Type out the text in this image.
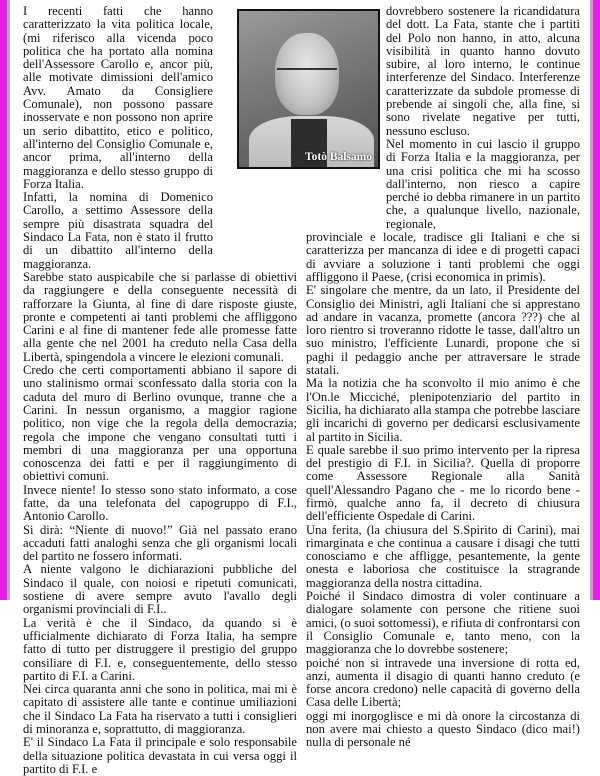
I recenti fatti che hanno caratterizzato la vita politica locale, (mi riferisco alla vicenda poco politica che ha portato alla nomina dell'Assessore Carollo e, ancor più, alle motivate dimissioni dell'amico Avv. Amato da Consigliere Comunale), non possono passare inosservate e non possono non aprire un serio dibattito, etico e politico, all'interno del Consiglio Comunale e, ancor prima, all'interno della maggioranza e dello stesso gruppo di Forza Italia.

Infatti, la nomina di Domenico Carollo, a settimo Assessore della sempre più disastrata squadra del Sindaco La Fata, non è stato il frutto di un dibattito all'interno della maggioranza.

Sarebbe stato auspicabile che si parlasse di obiettivi da raggiungere e della conseguente necessità di rafforzare la Giunta, al fine di dare risposte giuste, pronte e competenti ai tanti problemi che affliggono Carini e al fine di mantener fede alle promesse fatte alla gente che nel 2001 ha creduto nella Casa della Libertà, spingendola a vincere le elezioni comunali.

Credo che certi comportamenti abbiano il sapore di uno stalinismo ormai sconfessato dalla storia con la caduta del muro di Berlino ovunque, tranne che a Carini. In nessun organismo, a maggior ragione politico, non vige che la regola della democrazia; regola che impone che vengano consultati tutti i membri di una maggioranza per una opportuna conoscenza dei fatti e per il raggiungimento di obiettivi comuni.

Invece niente! Io stesso sono stato informato, a cose fatte, da una telefonata del capogruppo di F.I., Antonio Carollo.

Si dirà: “Niente di nuovo!” Già nel passato erano accaduti fatti analoghi senza che gli organismi locali del partito ne fossero informati.

A niente valgono le dichiarazioni pubbliche del Sindaco il quale, con noiosi e ripetuti comunicati, sostiene di avere sempre avuto l'avallo degli organismi provinciali di F.I..

La verità è che il Sindaco, da quando si è ufficialmente dichiarato di Forza Italia, ha sempre fatto di tutto per distruggere il prestigio del gruppo consiliare di F.I. e, conseguentemente, dello stesso partito di F.I. a Carini.

Nei circa quaranta anni che sono in politica, mai mi è capitato di assistere alle tante e continue umiliazioni che il Sindaco La Fata ha riservato a tutti i consiglieri di minoranza e, soprattutto, di maggioranza.

E' il Sindaco La Fata il principale e solo responsabile della situazione politica devastata in cui versa oggi il partito di F.I. e

Totò Balsamo

dovrebbero sostenere la ricandidatura del dott. La Fata, stante che i partiti del Polo non hanno, in atto, alcuna visibilità in quanto hanno dovuto subire, al loro interno, le continue interferenze del Sindaco. Interferenze caratterizzate da subdole promesse di prebende ai singoli che, alla fine, si sono rivelate negative per tutti, nessuno escluso.

Nel momento in cui lascio il gruppo di Forza Italia e la maggioranza, per una crisi politica che mi ha scosso dall'interno, non riesco a capire perché io debba rimanere in un partito che, a qualunque livello, nazionale, regionale,

provinciale e locale, tradisce gli Italiani e che si caratterizza per mancanza di idee e di progetti capaci di avviare a soluzione i tanti problemi che oggi affliggono il Paese, (crisi economica in primis).

E' singolare che mentre, da un lato, il Presidente del Consiglio dei Ministri, agli Italiani che si apprestano ad andare in vacanza, promette (ancora ???) che al loro rientro si troveranno ridotte le tasse, dall'altro un suo ministro, l'efficiente Lunardi, propone che si paghi il pedaggio anche per attraversare le strade statali.

Ma la notizia che ha sconvolto il mio animo è che l'On.le Micciché, plenipotenziario del partito in Sicilia, ha dichiarato alla stampa che potrebbe lasciare gli incarichi di governo per dedicarsi esclusivamente al partito in Sicilia.

E quale sarebbe il suo primo intervento per la ripresa del prestigio di F.I. in Sicilia?. Quella di proporre come Assessore Regionale alla Sanità quell'Alessandro Pagano che - me lo ricordo bene - firmò, qualche anno fa, il decreto di chiusura dell'efficiente Ospedale di Carini.

Una ferita, (la chiusura del S.Spirito di Carini), mai rimarginata e che continua a causare i disagi che tutti conosciamo e che affligge, pesantemente, la gente onesta e laboriosa che costituisce la stragrande maggioranza della nostra cittadina.

Poiché il Sindaco dimostra di voler continuare a dialogare solamente con persone che ritiene suoi amici, (o suoi sottomessi), e rifiuta di confrontarsi con il Consiglio Comunale e, tanto meno, con la maggioranza che lo dovrebbe sostenere;

poiché non si intravede una inversione di rotta ed, anzi, aumenta il disagio di quanti hanno creduto (e forse ancora credono) nelle capacità di governo della Casa delle Libertà;

oggi mi inorgoglisce e mi dà onore la circostanza di non avere mai chiesto a questo Sindaco (dico mai!) nulla di personale né
